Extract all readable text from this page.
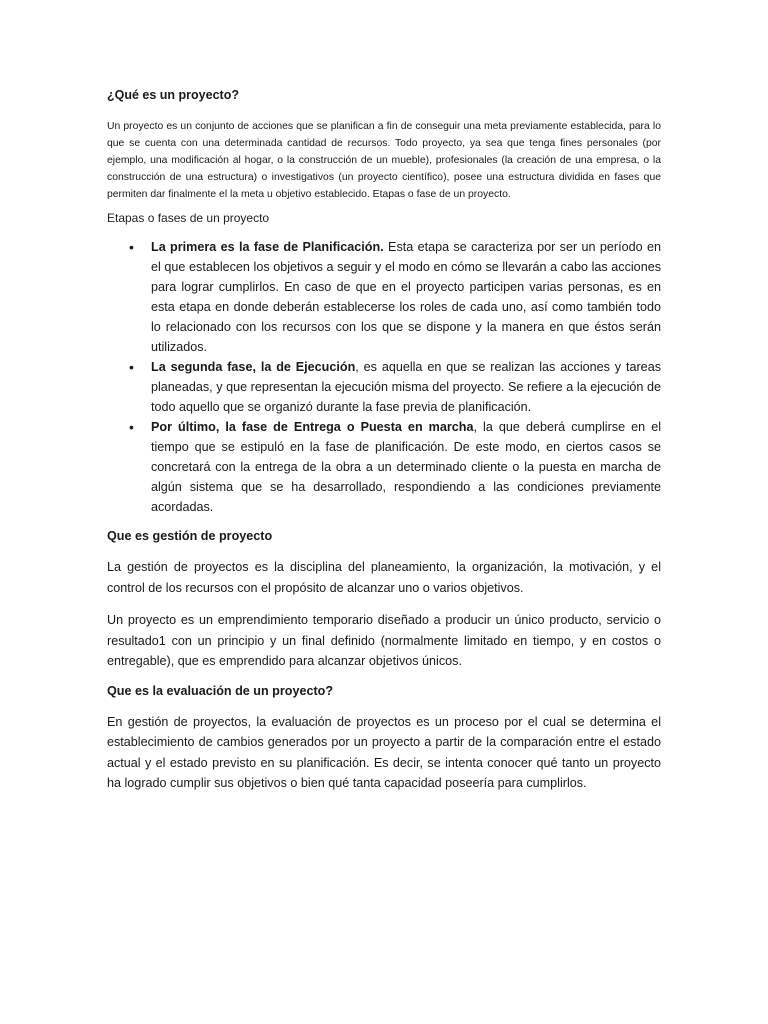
¿Qué es un proyecto?

Un proyecto es un conjunto de acciones que se planifican a fin de conseguir una meta previamente establecida, para lo que se cuenta con una determinada cantidad de recursos. Todo proyecto, ya sea que tenga fines personales (por ejemplo, una modificación al hogar, o la construcción de un mueble), profesionales (la creación de una empresa, o la construcción de una estructura) o investigativos (un proyecto científico), posee una estructura dividida en fases que permiten dar finalmente el la meta u objetivo establecido. Etapas o fase de un proyecto.

Etapas o fases de un proyecto
• La primera es la fase de Planificación. Esta etapa se caracteriza por ser un período en el que establecen los objetivos a seguir y el modo en cómo se llevarán a cabo las acciones para lograr cumplirlos. En caso de que en el proyecto participen varias personas, es en esta etapa en donde deberán establecerse los roles de cada uno, así como también todo lo relacionado con los recursos con los que se dispone y la manera en que éstos serán utilizados.
• La segunda fase, la de Ejecución, es aquella en que se realizan las acciones y tareas planeadas, y que representan la ejecución misma del proyecto. Se refiere a la ejecución de todo aquello que se organizó durante la fase previa de planificación.
• Por último, la fase de Entrega o Puesta en marcha, la que deberá cumplirse en el tiempo que se estipuló en la fase de planificación. De este modo, en ciertos casos se concretará con la entrega de la obra a un determinado cliente o la puesta en marcha de algún sistema que se ha desarrollado, respondiendo a las condiciones previamente acordadas.
Que es gestión de proyecto

La gestión de proyectos es la disciplina del planeamiento, la organización, la motivación, y el control de los recursos con el propósito de alcanzar uno o varios objetivos.

Un proyecto es un emprendimiento temporario diseñado a producir un único producto, servicio o resultado1 con un principio y un final definido (normalmente limitado en tiempo, y en costos o entregable), que es emprendido para alcanzar objetivos únicos.

Que es la evaluación de un proyecto?

En gestión de proyectos, la evaluación de proyectos es un proceso por el cual se determina el establecimiento de cambios generados por un proyecto a partir de la comparación entre el estado actual y el estado previsto en su planificación. Es decir, se intenta conocer qué tanto un proyecto ha logrado cumplir sus objetivos o bien qué tanta capacidad poseería para cumplirlos.
